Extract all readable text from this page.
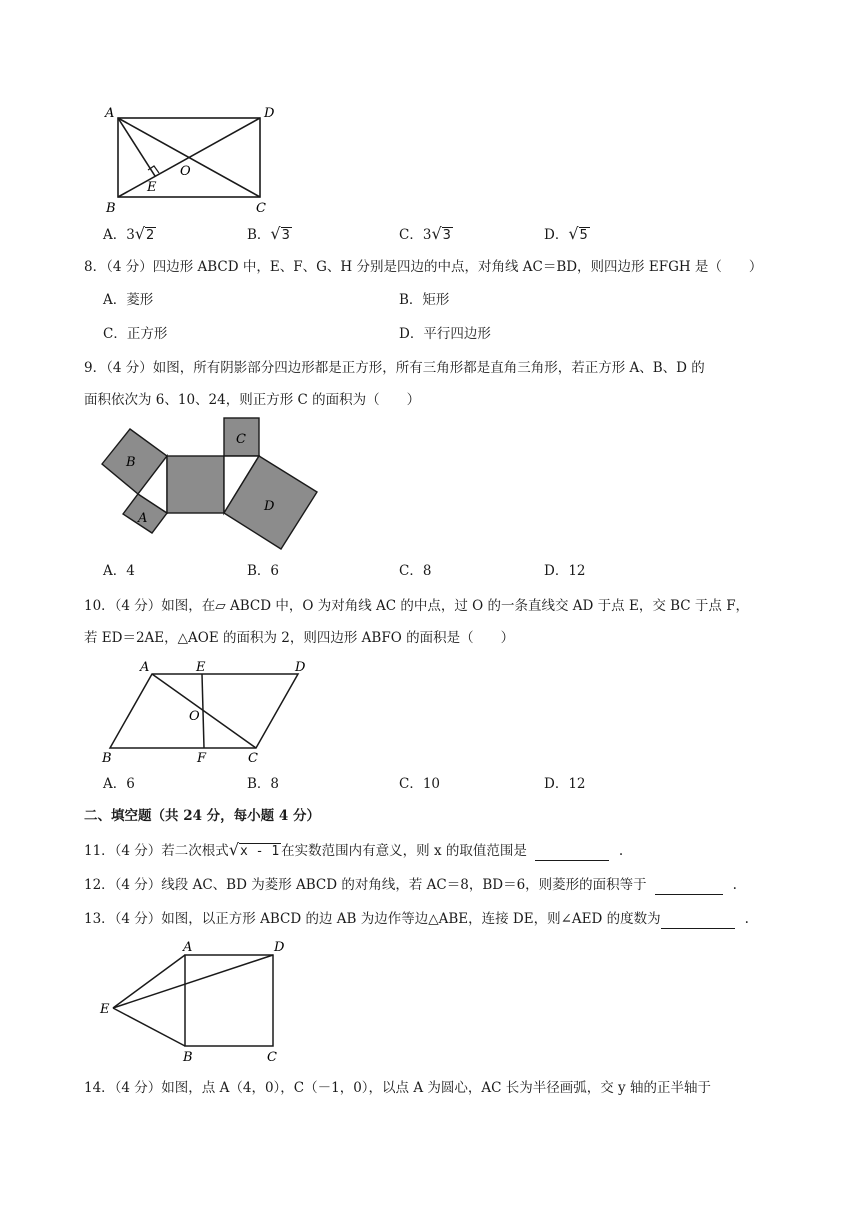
A	D
B	C
O
E
A．3√2	B．√3	C．3√3	D．√5
8．（4 分）四边形 ABCD 中，E、F、G、H 分别是四边的中点，对角线 AC＝BD，则四边形 EFGH 是（　　）
A．菱形	B．矩形
C．正方形	D．平行四边形
9．（4 分）如图，所有阴影部分四边形都是正方形，所有三角形都是直角三角形，若正方形 A、B、D 的
面积依次为 6、10、24，则正方形 C 的面积为（　　）
B
A
C
D
A．4	B．6	C．8	D．12
10．（4 分）如图，在▱ ABCD 中，O 为对角线 AC 的中点，过 O 的一条直线交 AD 于点 E，交 BC 于点 F，
若 ED＝2AE，△AOE 的面积为 2，则四边形 ABFO 的面积是（　　）
A	E	D
O
B	F	C
A．6	B．8	C．10	D．12
二、填空题（共 24 分，每小题 4 分）
11．（4 分）若二次根式√x - 1 在实数范围内有意义，则 x 的取值范围是	.
12．（4 分）线段 AC、BD 为菱形 ABCD 的对角线，若 AC＝8，BD＝6，则菱形的面积等于	.
13．（4 分）如图，以正方形 ABCD 的边 AB 为边作等边△ABE，连接 DE，则∠AED 的度数为	.
A	D
E
B	C
14．（4 分）如图，点 A（4，0），C（－1，0），以点 A 为圆心，AC 长为半径画弧，交 y 轴的正半轴于
